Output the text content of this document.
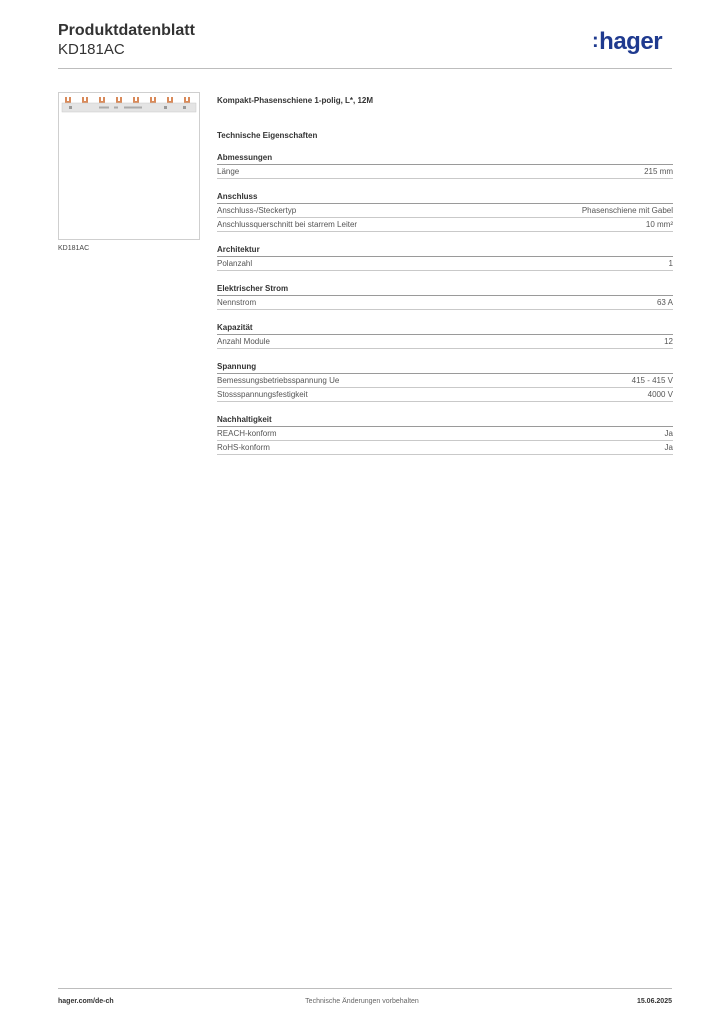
Produktdatenblatt
KD181AC	:hager
KD181AC
Kompakt-Phasenschiene 1-polig, L*, 12M
Technische Eigenschaften
Abmessungen
Länge	215 mm
Anschluss
Anschluss-/Steckertyp	Phasenschiene mit Gabel
Anschlussquerschnitt bei starrem Leiter	10 mm²
Architektur
Polanzahl	1
Elektrischer Strom
Nennstrom	63 A
Kapazität
Anzahl Module	12
Spannung
Bemessungsbetriebsspannung Ue	415 - 415 V
Stossspannungsfestigkeit	4000 V
Nachhaltigkeit
REACH-konform	Ja
RoHS-konform	Ja
hager.com/de-ch	Technische Änderungen vorbehalten	15.06.2025
